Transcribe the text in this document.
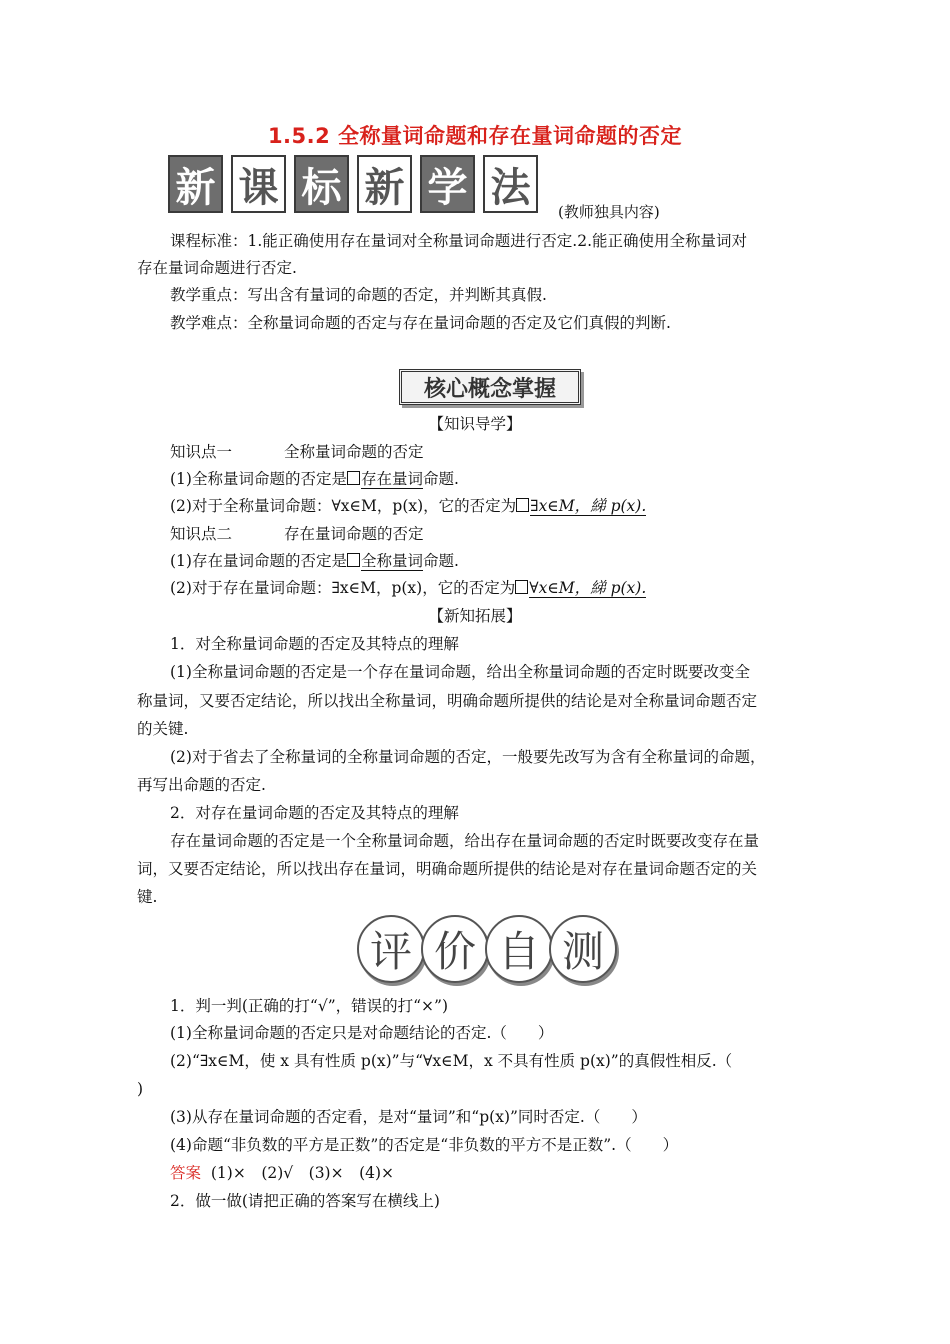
1.5.2 全称量词命题和存在量词命题的否定
新 课 标 新 学 法
(教师独具内容)
课程标准：1.能正确使用存在量词对全称量词命题进行否定.2.能正确使用全称量词对
存在量词命题进行否定.
教学重点：写出含有量词的命题的否定，并判断其真假.
教学难点：全称量词命题的否定与存在量词命题的否定及它们真假的判断.
核心概念掌握
【知识导学】
知识点一	全称量词命题的否定
(1)全称量词命题的否定是 存在量词命题.
(2)对于全称量词命题：∀x∈M，p(x)，它的否定为 ∃x∈M，綈 p(x).
知识点二	存在量词命题的否定
(1)存在量词命题的否定是 全称量词命题.
(2)对于存在量词命题：∃x∈M，p(x)，它的否定为 ∀x∈M，綈 p(x).
【新知拓展】
1．对全称量词命题的否定及其特点的理解
(1)全称量词命题的否定是一个存在量词命题，给出全称量词命题的否定时既要改变全
称量词，又要否定结论，所以找出全称量词，明确命题所提供的结论是对全称量词命题否定
的关键.
(2)对于省去了全称量词的全称量词命题的否定，一般要先改写为含有全称量词的命题，
再写出命题的否定.
2．对存在量词命题的否定及其特点的理解
存在量词命题的否定是一个全称量词命题，给出存在量词命题的否定时既要改变存在量
词，又要否定结论，所以找出存在量词，明确命题所提供的结论是对存在量词命题否定的关
键.
评 价 自 测
1．判一判(正确的打“√”，错误的打“×”)
(1)全称量词命题的否定只是对命题结论的否定.（　　）
(2)“∃x∈M，使 x 具有性质 p(x)”与“∀x∈M，x 不具有性质 p(x)”的真假性相反.（
)
(3)从存在量词命题的否定看，是对“量词”和“p(x)”同时否定.（　　）
(4)命题“非负数的平方是正数”的否定是“非负数的平方不是正数”.（　　）
答案 (1)×　(2)√　(3)×　(4)×
2．做一做(请把正确的答案写在横线上)
